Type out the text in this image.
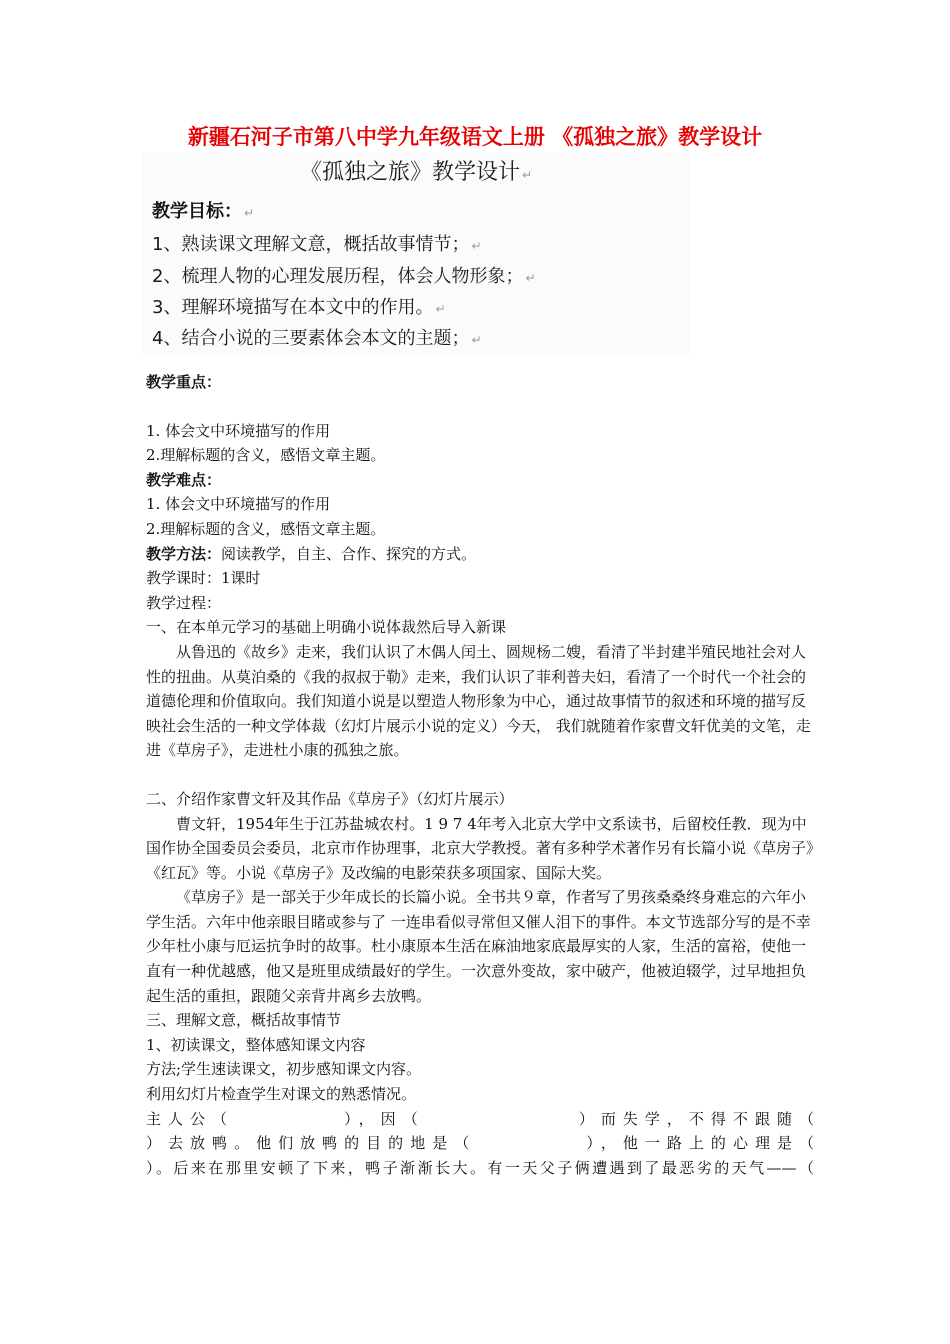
新疆石河子市第八中学九年级语文上册 《孤独之旅》教学设计
《孤独之旅》教学设计 ↵
教学目标： ↵
1、熟读课文理解文意，概括故事情节； ↵
2、梳理人物的心理发展历程，体会人物形象； ↵
3、理解环境描写在本文中的作用。 ↵
4、结合小说的三要素体会本文的主题； ↵

教学重点：

1. 体会文中环境描写的作用

2.理解标题的含义，感悟文章主题。

教学难点：

1. 体会文中环境描写的作用

2.理解标题的含义，感悟文章主题。

教学方法：阅读教学，自主、合作、探究的方式。

教学课时：1课时

教学过程：

一、在本单元学习的基础上明确小说体裁然后导入新课

从鲁迅的《故乡》走来，我们认识了木偶人闰土、圆规杨二嫂，看清了半封建半殖民地社会对人性的扭曲。从莫泊桑的《我的叔叔于勒》走来，我们认识了菲利普夫妇，看清了一个时代一个社会的道德伦理和价值取向。我们知道小说是以塑造人物形象为中心，通过故事情节的叙述和环境的描写反映社会生活的一种文学体裁（幻灯片展示小说的定义）今天， 我们就随着作家曹文轩优美的文笔，走进《草房子》，走进杜小康的孤独之旅。

二、介绍作家曹文轩及其作品《草房子》（幻灯片展示）

曹文轩，1954年生于江苏盐城农村。1 9 7 4年考入北京大学中文系读书，后留校任教．现为中国作协全国委员会委员，北京市作协理事，北京大学教授。著有多种学术著作另有长篇小说《草房子》《红瓦》等。小说《草房子》及改编的电影荣获多项国家、国际大奖。

《草房子》是一部关于少年成长的长篇小说。全书共９章，作者写了男孩桑桑终身难忘的六年小学生活。六年中他亲眼目睹或参与了 一连串看似寻常但又催人泪下的事件。本文节选部分写的是不幸少年杜小康与厄运抗争时的故事。杜小康原本生活在麻油地家底最厚实的人家，生活的富裕，使他一直有一种优越感，他又是班里成绩最好的学生。一次意外变故，家中破产，他被迫辍学，过早地担负起生活的重担，跟随父亲背井离乡去放鸭。

三、理解文意，概括故事情节

1、初读课文，整体感知课文内容

方法;学生速读课文，初步感知课文内容。

利用幻灯片检查学生对课文的熟悉情况。

主人公（　　　　　），因（　　　　　　　）而失学，不得不跟随（

）去放鸭。他们放鸭的目的地是（　　　　　），他一路上的心理是（

）。后来在那里安顿了下来，鸭子渐渐长大。有一天父子俩遭遇到了最恶劣的天气——（
